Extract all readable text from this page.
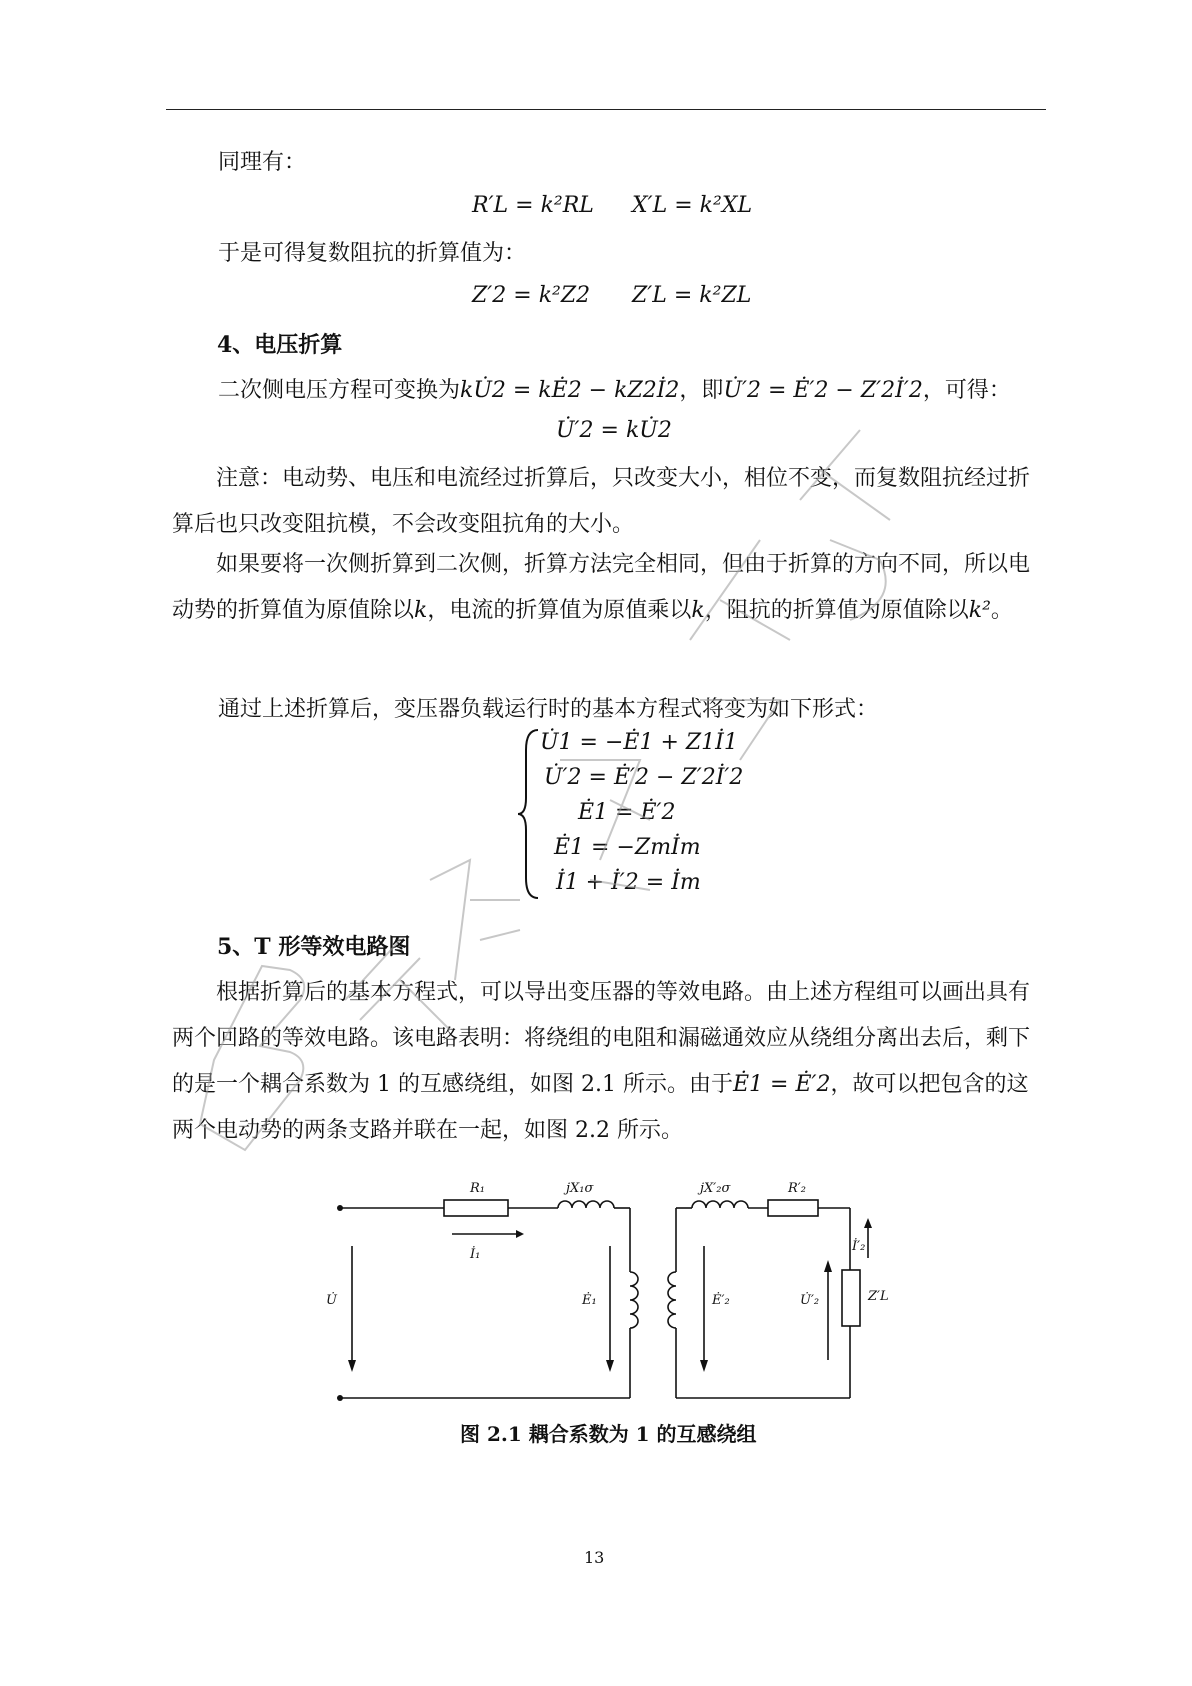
同理有：
R′L = k²RL X′L = k²XL
于是可得复数阻抗的折算值为：
Z′2 = k²Z2 Z′L = k²ZL
4、电压折算
二次侧电压方程可变换为kU̇2 = kĖ2 − kZ2İ2，即U̇′2 = Ė′2 − Z′2İ′2，可得：
U̇′2 = kU̇2

注意：电动势、电压和电流经过折算后，只改变大小，相位不变，而复数阻抗经过折算后也只改变阻抗模，不会改变阻抗角的大小。

如果要将一次侧折算到二次侧，折算方法完全相同，但由于折算的方向不同，所以电动势的折算值为原值除以k，电流的折算值为原值乘以k，阻抗的折算值为原值除以k²。

通过上述折算后，变压器负载运行时的基本方程式将变为如下形式：
U̇1 = −Ė1 + Z1İ1
U̇′2 = Ė′2 − Z′2İ′2
Ė1 = Ė′2
Ė1 = −Zmİm
İ1 + İ′2 = İm
5、T 形等效电路图

根据折算后的基本方程式，可以导出变压器的等效电路。由上述方程组可以画出具有两个回路的等效电路。该电路表明：将绕组的电阻和漏磁通效应从绕组分离出去后，剩下的是一个耦合系数为 1 的互感绕组，如图 2.1 所示。由于Ė1 = Ė′2，故可以把包含的这两个电动势的两条支路并联在一起，如图 2.2 所示。

R₁	jX₁σ	jX′₂σ	R′₂
İ₁
U̇	Ė₁	Ė′₂	U̇′₂	Z′L
İ′₂
图 2.1 耦合系数为 1 的互感绕组
13
